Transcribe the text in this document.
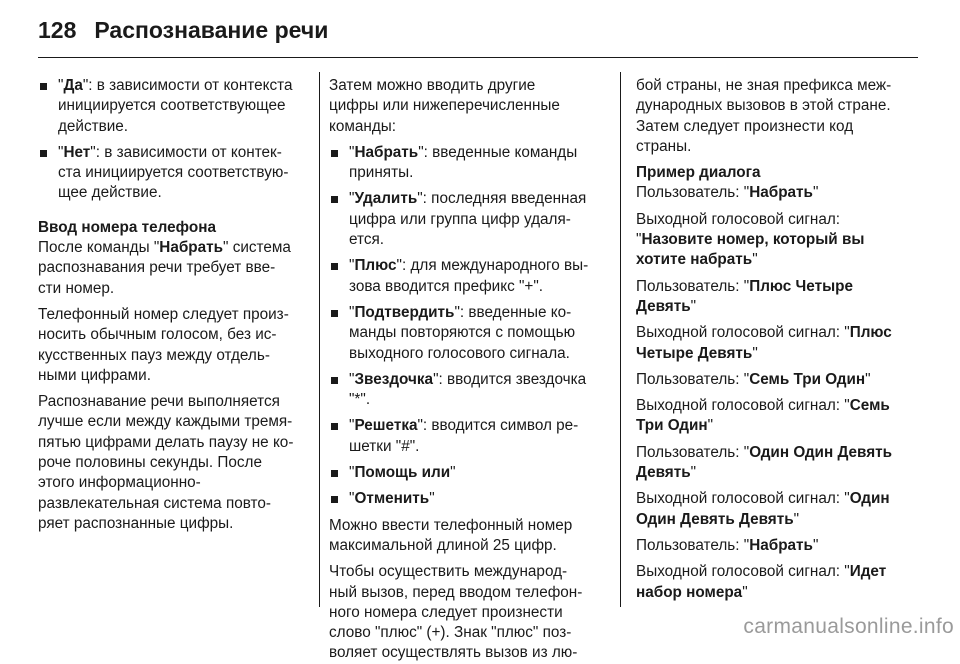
128 Распознавание речи
"Да": в зависимости от контекста
инициируется соответствующее
действие.
"Нет": в зависимости от контек-
ста инициируется соответствую-
щее действие.
Ввод номера телефона
После команды "Набрать" система
распознавания речи требует вве-
сти номер.
Телефонный номер следует произ-
носить обычным голосом, без ис-
кусственных пауз между отдель-
ными цифрами.
Распознавание речи выполняется
лучше если между каждыми тремя-
пятью цифрами делать паузу не ко-
роче половины секунды. После
этого информационно-
развлекательная система повто-
ряет распознанные цифры.
Затем можно вводить другие
цифры или нижеперечисленные
команды:
"Набрать": введенные команды
приняты.
"Удалить": последняя введенная
цифра или группа цифр удаля-
ется.
"Плюс": для международного вы-
зова вводится префикс "+".
"Подтвердить": введенные ко-
манды повторяются с помощью
выходного голосового сигнала.
"Звездочка": вводится звездочка
"*".
"Решетка": вводится символ ре-
шетки "#".
"Помощь или"
"Отменить"
Можно ввести телефонный номер
максимальной длиной 25 цифр.
Чтобы осуществить международ-
ный вызов, перед вводом телефон-
ного номера следует произнести
слово "плюс" (+). Знак "плюс" поз-
воляет осуществлять вызов из лю-
бой страны, не зная префикса меж-
дународных вызовов в этой стране.
Затем следует произнести код
страны.
Пример диалога
Пользователь: "Набрать"
Выходной голосовой сигнал:
"Назовите номер, который вы
хотите набрать"
Пользователь: "Плюс Четыре
Девять"
Выходной голосовой сигнал: "Плюс
Четыре Девять"
Пользователь: "Семь Три Один"
Выходной голосовой сигнал: "Семь
Три Один"
Пользователь: "Один Один Девять
Девять"
Выходной голосовой сигнал: "Один
Один Девять Девять"
Пользователь: "Набрать"
Выходной голосовой сигнал: "Идет
набор номера"
carmanualsonline.info
